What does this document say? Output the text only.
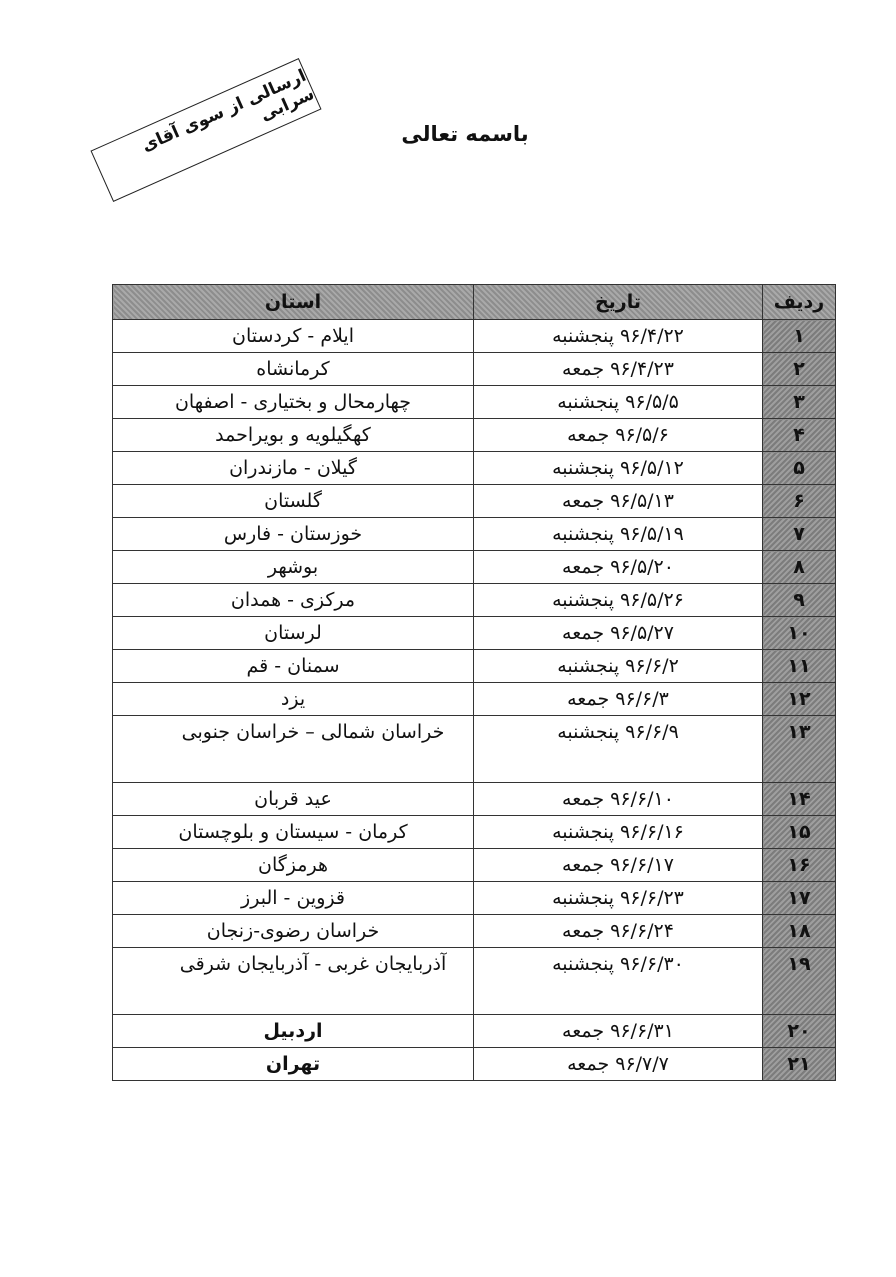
ارسالی از سوی آقای سرابی
باسمه تعالی
ردیف	تاریخ	استان
۱	۹۶/۴/۲۲ پنجشنبه	ایلام - کردستان
۲	۹۶/۴/۲۳ جمعه	کرمانشاه
۳	۹۶/۵/۵ پنجشنبه	چهارمحال و بختیاری - اصفهان
۴	۹۶/۵/۶ جمعه	کهگیلویه و بویراحمد
۵	۹۶/۵/۱۲ پنجشنبه	گیلان - مازندران
۶	۹۶/۵/۱۳ جمعه	گلستان
۷	۹۶/۵/۱۹ پنجشنبه	خوزستان - فارس
۸	۹۶/۵/۲۰ جمعه	بوشهر
۹	۹۶/۵/۲۶ پنجشنبه	مرکزی - همدان
۱۰	۹۶/۵/۲۷ جمعه	لرستان
۱۱	۹۶/۶/۲ پنجشنبه	سمنان - قم
۱۲	۹۶/۶/۳ جمعه	یزد
۱۳	۹۶/۶/۹ پنجشنبه	خراسان شمالی – خراسان جنوبی
۱۴	۹۶/۶/۱۰ جمعه	عید قربان
۱۵	۹۶/۶/۱۶ پنجشنبه	کرمان - سیستان و بلوچستان
۱۶	۹۶/۶/۱۷ جمعه	هرمزگان
۱۷	۹۶/۶/۲۳ پنجشنبه	قزوین - البرز
۱۸	۹۶/۶/۲۴ جمعه	خراسان رضوی-زنجان
۱۹	۹۶/۶/۳۰ پنجشنبه	آذربایجان غربی - آذربایجان شرقی
۲۰	۹۶/۶/۳۱ جمعه	اردبیل
۲۱	۹۶/۷/۷ جمعه	تهران
